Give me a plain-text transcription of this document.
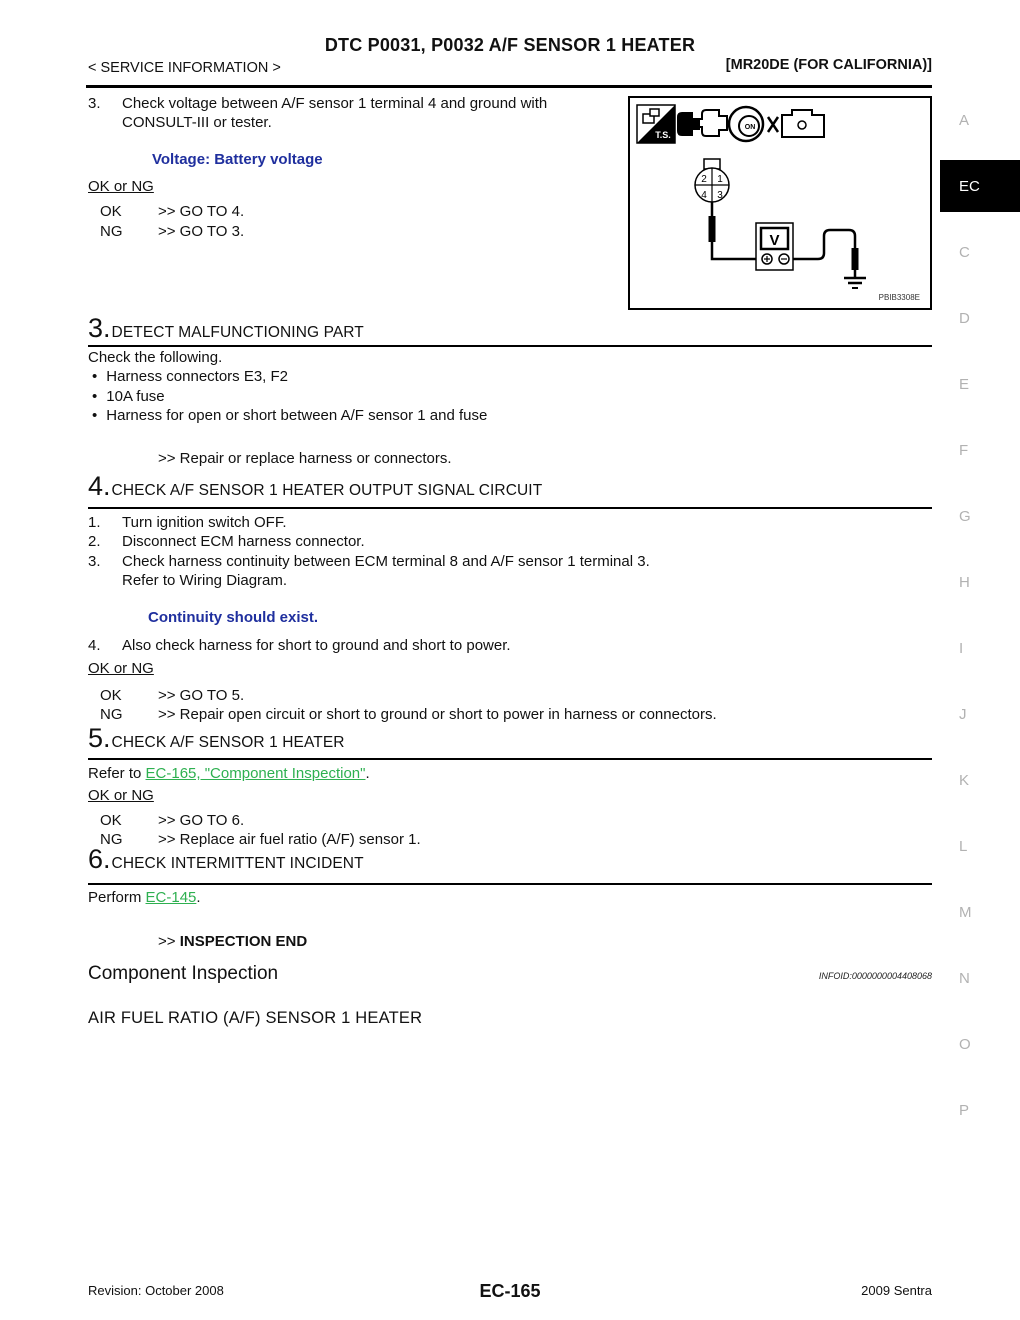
DTC P0031, P0032 A/F SENSOR 1 HEATER
< SERVICE INFORMATION >	[MR20DE (FOR CALIFORNIA)]
3. Check voltage between A/F sensor 1 terminal 4 and ground with
CONSULT-III or tester.
Voltage: Battery voltage
OK or NG
OK >> GO TO 4.
NG >> GO TO 3.
T.S.
ON
2 1
4 3
V
PBIB3308E
3. DETECT MALFUNCTIONING PART
Check the following.
• Harness connectors E3, F2
• 10A fuse
• Harness for open or short between A/F sensor 1 and fuse
>> Repair or replace harness or connectors.
4. CHECK A/F SENSOR 1 HEATER OUTPUT SIGNAL CIRCUIT
1. Turn ignition switch OFF.
2. Disconnect ECM harness connector.
3. Check harness continuity between ECM terminal 8 and A/F sensor 1 terminal 3.
Refer to Wiring Diagram.
Continuity should exist.
4. Also check harness for short to ground and short to power.
OK or NG
OK >> GO TO 5.
NG >> Repair open circuit or short to ground or short to power in harness or connectors.
5. CHECK A/F SENSOR 1 HEATER
Refer to EC-165, "Component Inspection".
OK or NG
OK >> GO TO 6.
NG >> Replace air fuel ratio (A/F) sensor 1.
6. CHECK INTERMITTENT INCIDENT
Perform EC-145.
>> INSPECTION END
Component Inspection	INFOID:0000000004408068
AIR FUEL RATIO (A/F) SENSOR 1 HEATER
A
EC
C
D
E
F
G
H
I
J
K
L
M
N
O
P
Revision: October 2008	EC-165	2009 Sentra
